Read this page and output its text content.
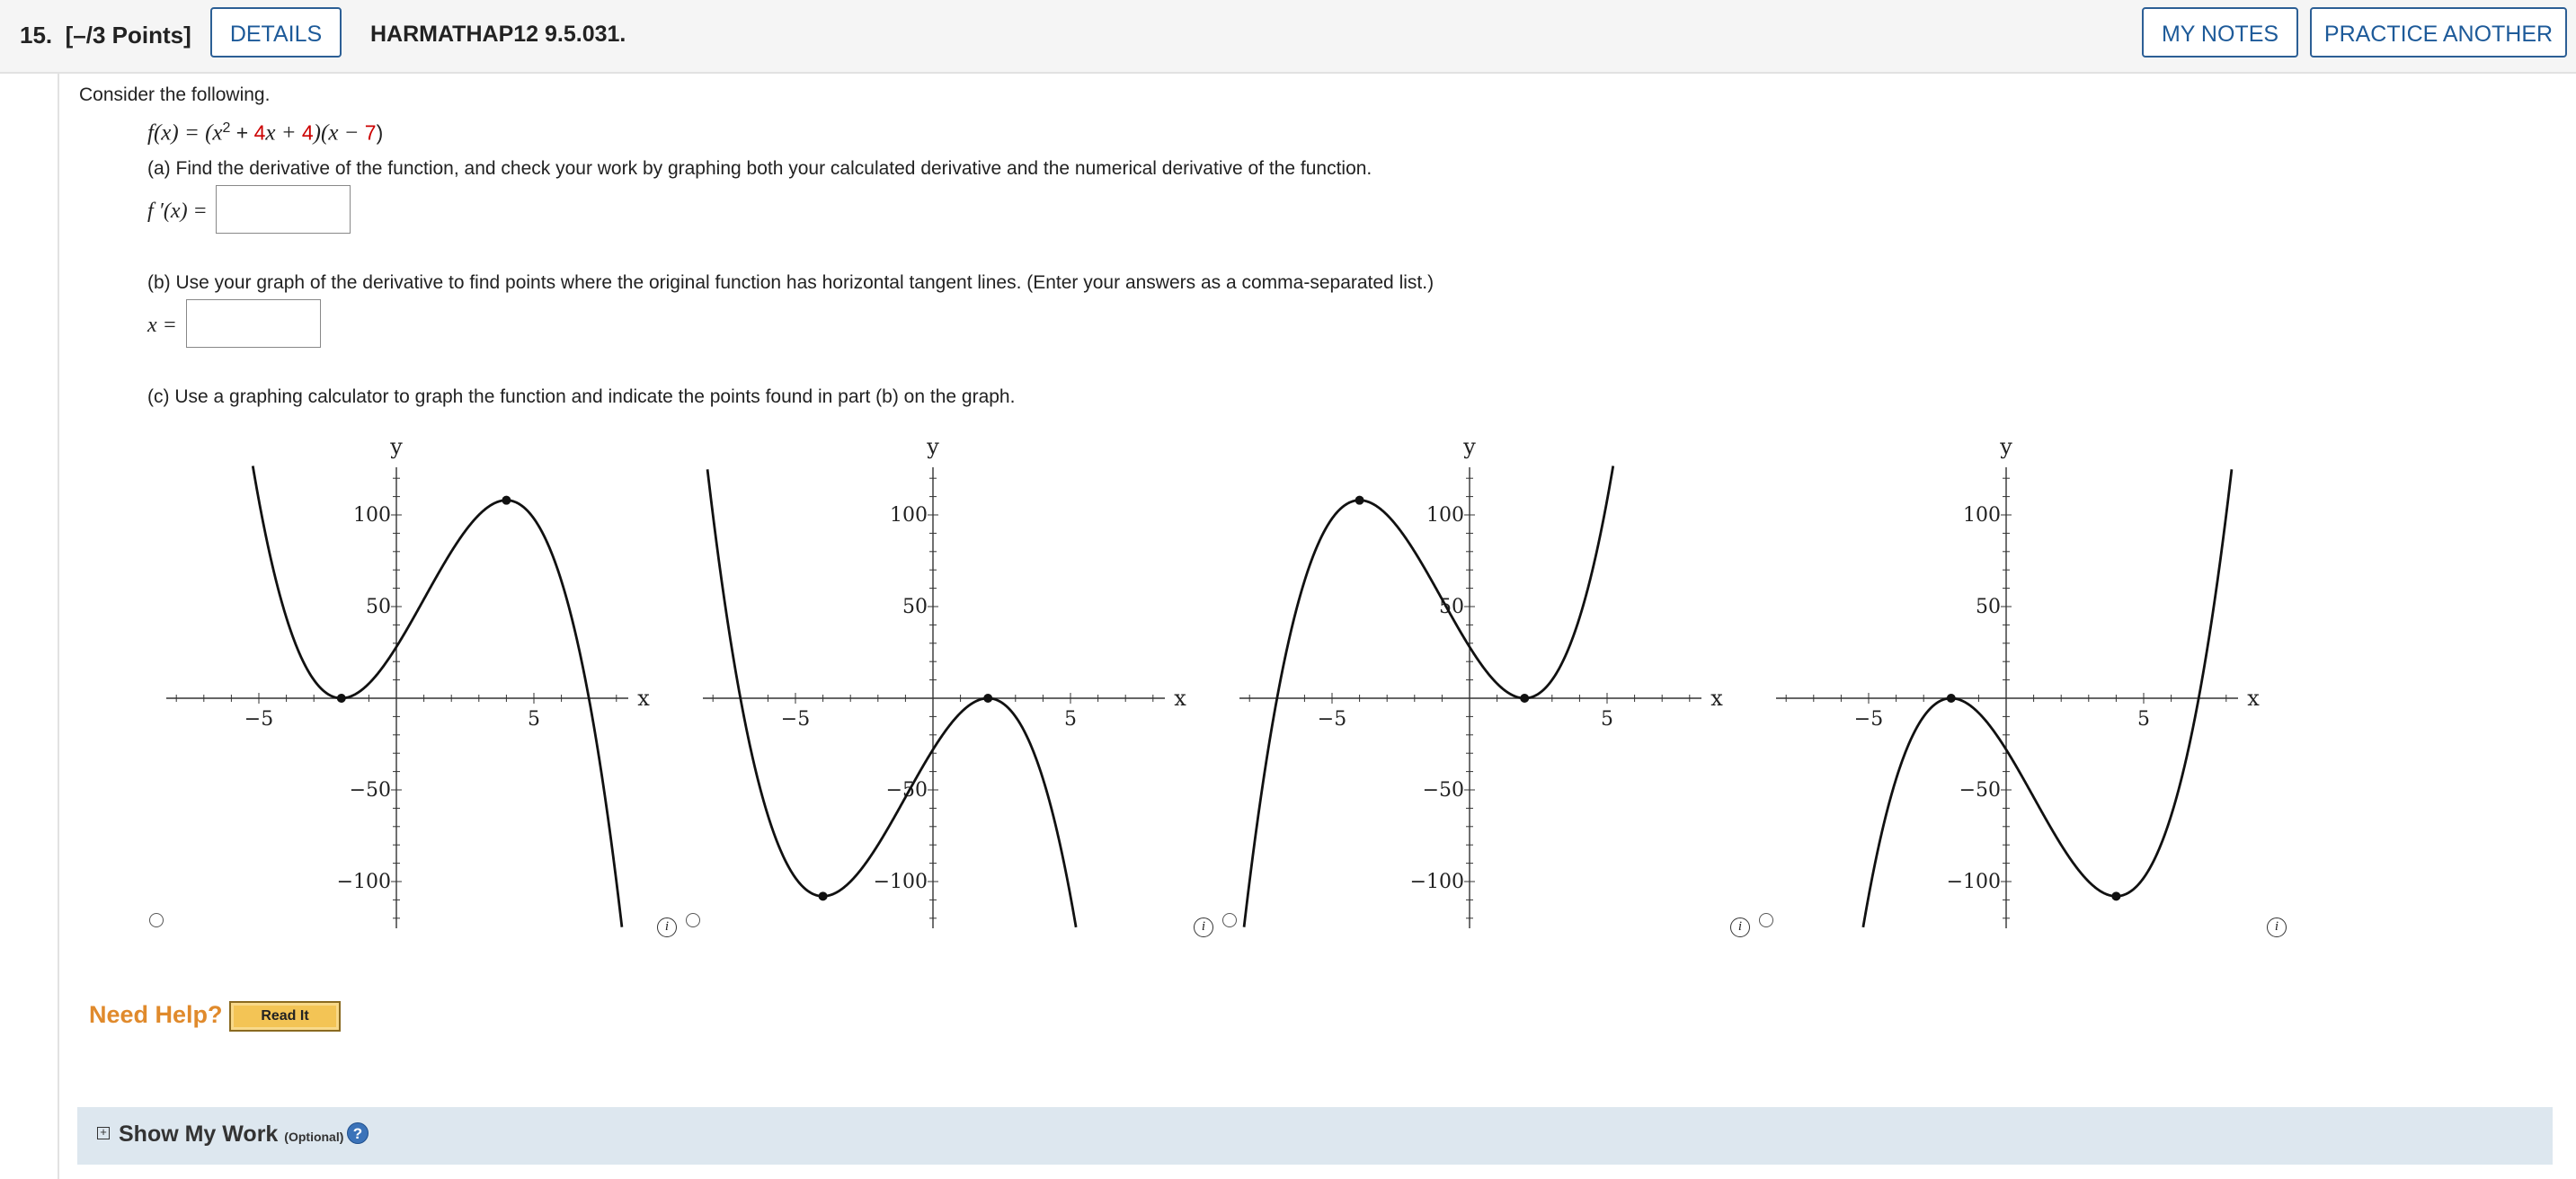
15. [–/3 Points]	DETAILS	HARMATHAP12 9.5.031.	MY NOTES	PRACTICE ANOTHER
Consider the following.
$f(x) = (x^2 + 4x + 4)(x - 7)$
(a) Find the derivative of the function, and check your work by graphing both your calculated derivative and the numerical derivative of the function.
f ′(x) =
(b) Use your graph of the derivative to find points where the original function has horizontal tangent lines. (Enter your answers as a comma-separated list.)
x =
(c) Use a graphing calculator to graph the function and indicate the points found in part (b) on the graph.
−5	5
100
50
−50
−100
x
y
−5	5
100
50
−50
−100
x
y
−5	5
100
50
−50
−100
x
y
−5	5
100
50
−50
−100
x
y
i	i	i	i
Need Help?	Read It
+ Show My Work (Optional) ?
